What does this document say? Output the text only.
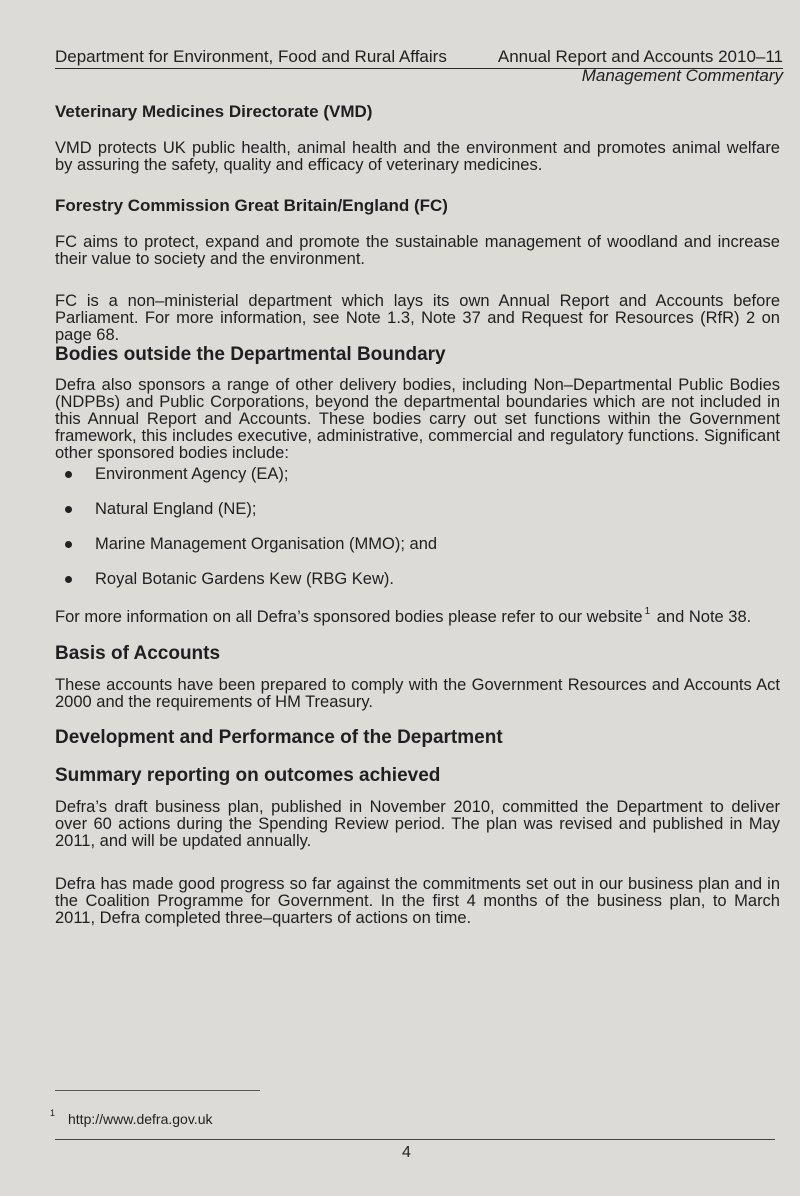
Department for Environment, Food and Rural Affairs	Annual Report and Accounts 2010–11
Management Commentary
Veterinary Medicines Directorate (VMD)

VMD protects UK public health, animal health and the environment and promotes animal welfare by assuring the safety, quality and efficacy of veterinary medicines.

Forestry Commission Great Britain/England (FC)

FC aims to protect, expand and promote the sustainable management of woodland and increase their value to society and the environment.

FC is a non–ministerial department which lays its own Annual Report and Accounts before Parliament. For more information, see Note 1.3, Note 37 and Request for Resources (RfR) 2 on page 68.

Bodies outside the Departmental Boundary

Defra also sponsors a range of other delivery bodies, including Non–Departmental Public Bodies (NDPBs) and Public Corporations, beyond the departmental boundaries which are not included in this Annual Report and Accounts. These bodies carry out set functions within the Government framework, this includes executive, administrative, commercial and regulatory functions. Significant other sponsored bodies include:

Environment Agency (EA);
Natural England (NE);
Marine Management Organisation (MMO); and
Royal Botanic Gardens Kew (RBG Kew).

For more information on all Defra’s sponsored bodies please refer to our website $^1$ and Note 38.

Basis of Accounts

These accounts have been prepared to comply with the Government Resources and Accounts Act 2000 and the requirements of HM Treasury.

Development and Performance of the Department
Summary reporting on outcomes achieved

Defra’s draft business plan, published in November 2010, committed the Department to deliver over 60 actions during the Spending Review period. The plan was revised and published in May 2011, and will be updated annually.

Defra has made good progress so far against the commitments set out in our business plan and in the Coalition Programme for Government. In the first 4 months of the business plan, to March 2011, Defra completed three–quarters of actions on time.

1 http://www.defra.gov.uk
4
